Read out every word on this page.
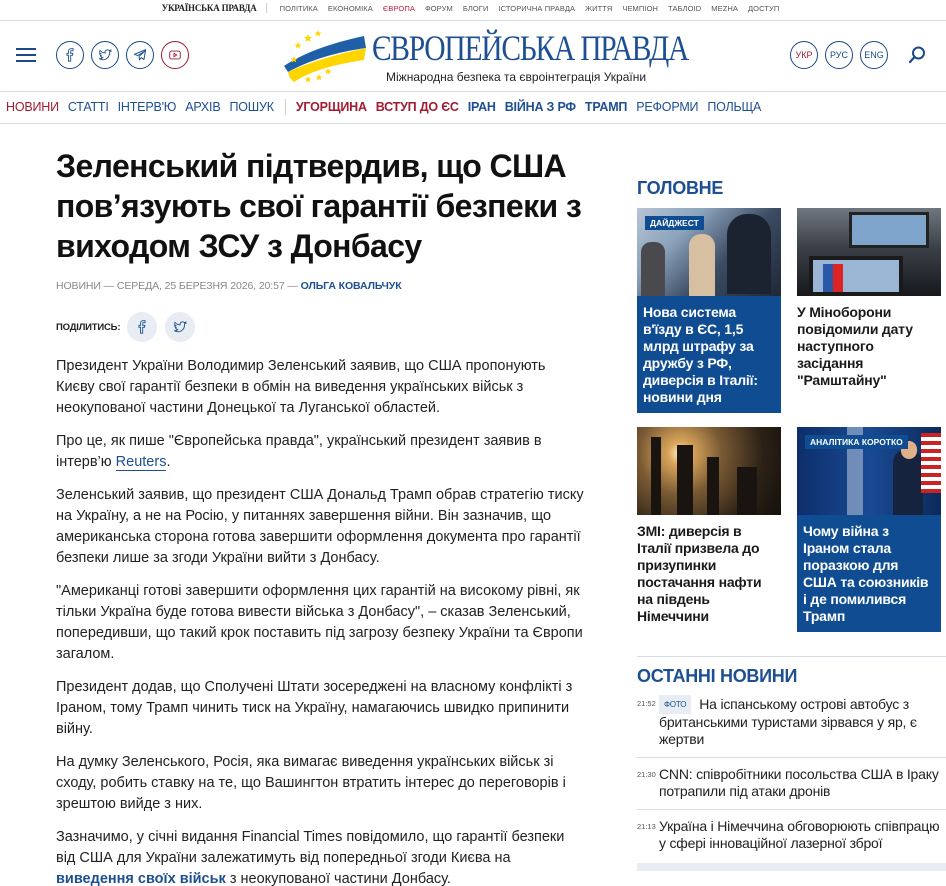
УКРАЇНСЬКА ПРАВДА	ПОЛІТИКА ЕКОНОМІКА ЄВРОПА ФОРУМ БЛОГИ ІСТОРИЧНА ПРАВДА ЖИТТЯ ЧЕМПІОН ТАБЛОID МЕZHA ДОСТУП
ЄВРОПЕЙСЬКА ПРАВДА
Міжнародна безпека та євроінтеграція України
УКР	РУС	ENG
НОВИНИ СТАТТІ ІНТЕРВ'Ю АРХІВ ПОШУК УГОРЩИНА ВСТУП ДО ЄС ІРАН ВІЙНА З РФ ТРАМП РЕФОРМИ ПОЛЬЩА
Зеленський підтвердив, що США пов’язують свої гарантії безпеки з виходом ЗСУ з Донбасу
НОВИНИ — СЕРЕДА, 25 БЕРЕЗНЯ 2026, 20:57 — ОЛЬГА КОВАЛЬЧУК
ПОДІЛИТИСЬ:

Президент України Володимир Зеленський заявив, що США пропонують Києву свої гарантії безпеки в обмін на виведення українських військ з неокупованої частини Донецької та Луганської областей.

Про це, як пише "Європейська правда", український президент заявив в інтерв’ю Reuters.

Зеленський заявив, що президент США Дональд Трамп обрав стратегію тиску на Україну, а не на Росію, у питаннях завершення війни. Він зазначив, що американська сторона готова завершити оформлення документа про гарантії безпеки лише за згоди України вийти з Донбасу.

"Американці готові завершити оформлення цих гарантій на високому рівні, як тільки Україна буде готова вивести війська з Донбасу", – сказав Зеленський, попередивши, що такий крок поставить під загрозу безпеку України та Європи загалом.

Президент додав, що Сполучені Штати зосереджені на власному конфлікті з Іраном, тому Трамп чинить тиск на Україну, намагаючись швидко припинити війну.

На думку Зеленського, Росія, яка вимагає виведення українських військ зі сходу, робить ставку на те, що Вашингтон втратить інтерес до переговорів і зрештою вийде з них.

Зазначимо, у січні видання Financial Times повідомило, що гарантії безпеки від США для України залежатимуть від попередньої згоди Києва на виведення своїх військ з неокупованої частини Донбасу.

ГОЛОВНЕ
ДАЙДЖЕСТ
Нова система в'їзду в ЄС, 1,5 млрд штрафу за дружбу з РФ, диверсія в Італії: новини дня
У Міноборони повідомили дату наступного засідання "Рамштайну"
ЗМІ: диверсія в Італії призвела до призупинки постачання нафти на південь Німеччини
АНАЛІТИКА КОРОТКО
Чому війна з Іраном стала поразкою для США та союзників і де помилився Трамп
ОСТАННІ НОВИНИ
21:52	ФОТО На іспанському острові автобус з британськими туристами зірвався у яр, є жертви
21:30 CNN: співробітники посольства США в Іраку потрапили під атаки дронів
21:13 Україна і Німеччина обговорюють співпрацю у сфері інноваційної лазерної зброї
